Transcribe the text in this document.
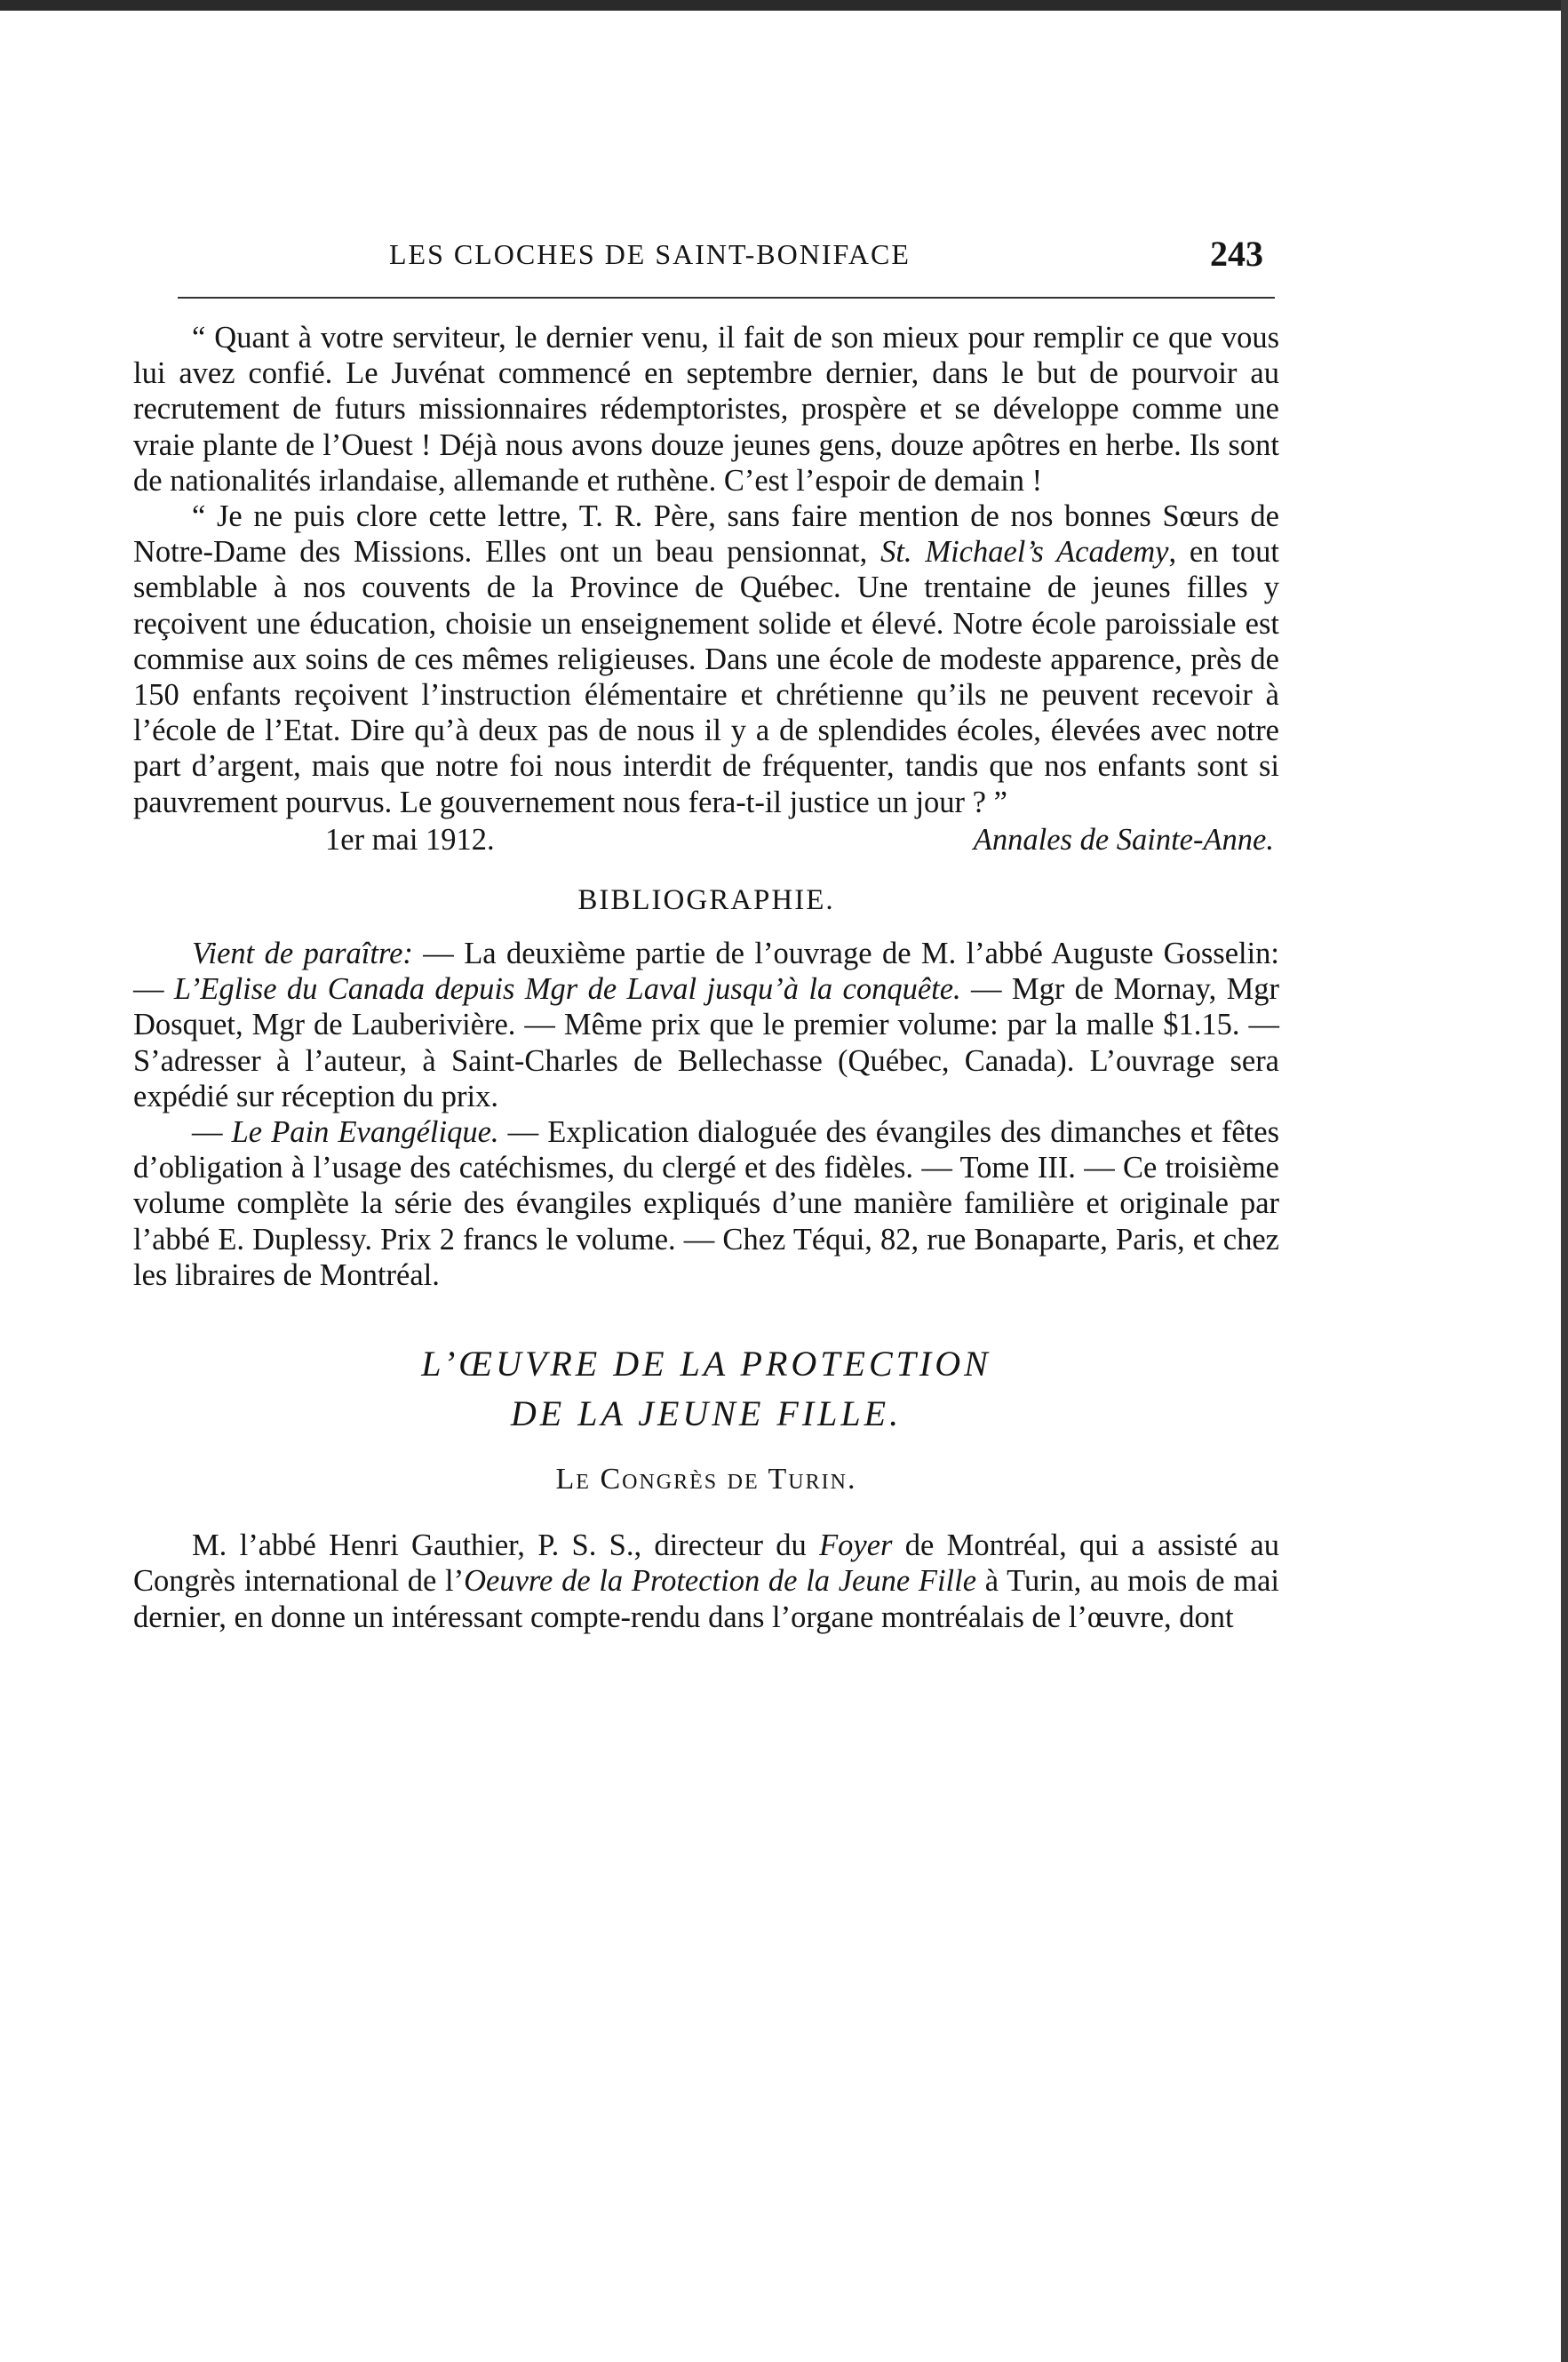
LES CLOCHES DE SAINT-BONIFACE	243

“ Quant à votre serviteur, le dernier venu, il fait de son mieux pour remplir ce que vous lui avez confié. Le Juvénat commencé en septembre dernier, dans le but de pourvoir au recrutement de futurs missionnaires rédemptoristes, prospère et se développe comme une vraie plante de l’Ouest ! Déjà nous avons douze jeunes gens, douze apôtres en herbe. Ils sont de nationalités irlandaise, allemande et ruthène. C’est l’espoir de demain !

“ Je ne puis clore cette lettre, T. R. Père, sans faire mention de nos bonnes Sœurs de Notre-Dame des Missions. Elles ont un beau pensionnat, St. Michael’s Academy, en tout semblable à nos couvents de la Province de Québec. Une trentaine de jeunes filles y reçoivent une éducation, choisie un enseignement solide et élevé. Notre école paroissiale est commise aux soins de ces mêmes religieuses. Dans une école de modeste apparence, près de 150 enfants reçoivent l’instruction élémentaire et chrétienne qu’ils ne peuvent recevoir à l’école de l’Etat. Dire qu’à deux pas de nous il y a de splendides écoles, élevées avec notre part d’argent, mais que notre foi nous interdit de fréquenter, tandis que nos enfants sont si pauvrement pourvus. Le gouvernement nous fera-t-il justice un jour ? ”

1er mai 1912.	Annales de Sainte-Anne.
BIBLIOGRAPHIE.

Vient de paraître: — La deuxième partie de l’ouvrage de M. l’abbé Auguste Gosselin: — L’Eglise du Canada depuis Mgr de Laval jusqu’à la conquête. — Mgr de Mornay, Mgr Dosquet, Mgr de Lauberivière. — Même prix que le premier volume: par la malle $1.15. — S’adresser à l’auteur, à Saint-Charles de Bellechasse (Québec, Canada). L’ouvrage sera expédié sur réception du prix.

— Le Pain Evangélique. — Explication dialoguée des évangiles des dimanches et fêtes d’obligation à l’usage des catéchismes, du clergé et des fidèles. — Tome III. — Ce troisième volume complète la série des évangiles expliqués d’une manière familière et originale par l’abbé E. Duplessy. Prix 2 francs le volume. — Chez Téqui, 82, rue Bonaparte, Paris, et chez les libraires de Montréal.

L’ŒUVRE DE LA PROTECTION
DE LA JEUNE FILLE.
Le Congrès de Turin.

M. l’abbé Henri Gauthier, P. S. S., directeur du Foyer de Montréal, qui a assisté au Congrès international de l’Oeuvre de la Protection de la Jeune Fille à Turin, au mois de mai dernier, en donne un intéressant compte-rendu dans l’organe montréalais de l’œuvre, dont
